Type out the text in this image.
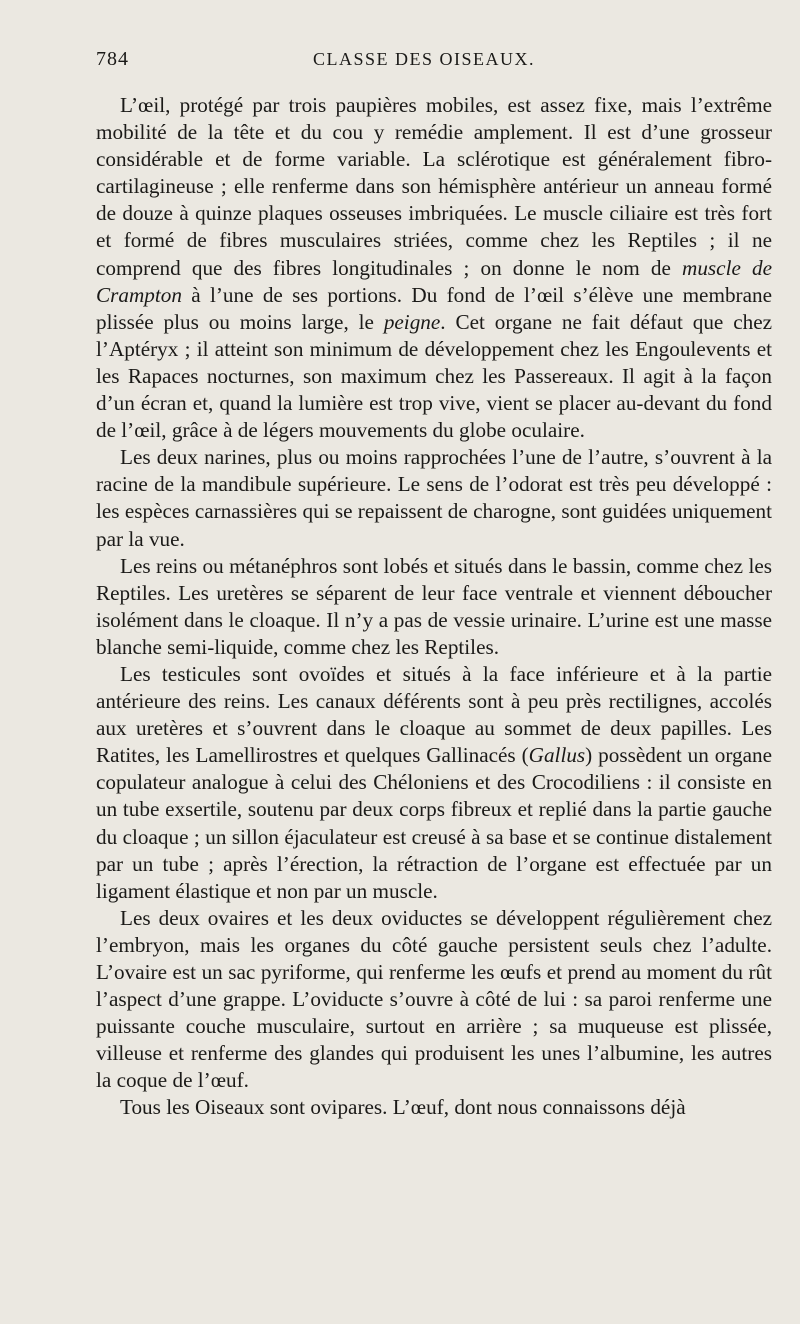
784	CLASSE DES OISEAUX.

L’œil, protégé par trois paupières mobiles, est assez fixe, mais l’extrême mobilité de la tête et du cou y remédie amplement. Il est d’une grosseur considérable et de forme variable. La sclérotique est généralement fibro-cartilagineuse ; elle renferme dans son hémisphère antérieur un anneau formé de douze à quinze plaques osseuses imbriquées. Le muscle ciliaire est très fort et formé de fibres musculaires striées, comme chez les Reptiles ; il ne comprend que des fibres longitudinales ; on donne le nom de muscle de Crampton à l’une de ses portions. Du fond de l’œil s’élève une membrane plissée plus ou moins large, le peigne. Cet organe ne fait défaut que chez l’Aptéryx ; il atteint son minimum de développement chez les Engoulevents et les Rapaces nocturnes, son maximum chez les Passereaux. Il agit à la façon d’un écran et, quand la lumière est trop vive, vient se placer au-devant du fond de l’œil, grâce à de légers mouvements du globe oculaire.

Les deux narines, plus ou moins rapprochées l’une de l’autre, s’ouvrent à la racine de la mandibule supérieure. Le sens de l’odorat est très peu développé : les espèces carnassières qui se repaissent de charogne, sont guidées uniquement par la vue.

Les reins ou métanéphros sont lobés et situés dans le bassin, comme chez les Reptiles. Les uretères se séparent de leur face ventrale et viennent déboucher isolément dans le cloaque. Il n’y a pas de vessie urinaire. L’urine est une masse blanche semi-liquide, comme chez les Reptiles.

Les testicules sont ovoïdes et situés à la face inférieure et à la partie antérieure des reins. Les canaux déférents sont à peu près rectilignes, accolés aux uretères et s’ouvrent dans le cloaque au sommet de deux papilles. Les Ratites, les Lamellirostres et quelques Gallinacés (Gallus) possèdent un organe copulateur analogue à celui des Chéloniens et des Crocodiliens : il consiste en un tube exsertile, soutenu par deux corps fibreux et replié dans la partie gauche du cloaque ; un sillon éjaculateur est creusé à sa base et se continue distalement par un tube ; après l’érection, la rétraction de l’organe est effectuée par un ligament élastique et non par un muscle.

Les deux ovaires et les deux oviductes se développent régulièrement chez l’embryon, mais les organes du côté gauche persistent seuls chez l’adulte. L’ovaire est un sac pyriforme, qui renferme les œufs et prend au moment du rût l’aspect d’une grappe. L’oviducte s’ouvre à côté de lui : sa paroi renferme une puissante couche musculaire, surtout en arrière ; sa muqueuse est plissée, villeuse et renferme des glandes qui produisent les unes l’albumine, les autres la coque de l’œuf.

Tous les Oiseaux sont ovipares. L’œuf, dont nous connaissons déjà
